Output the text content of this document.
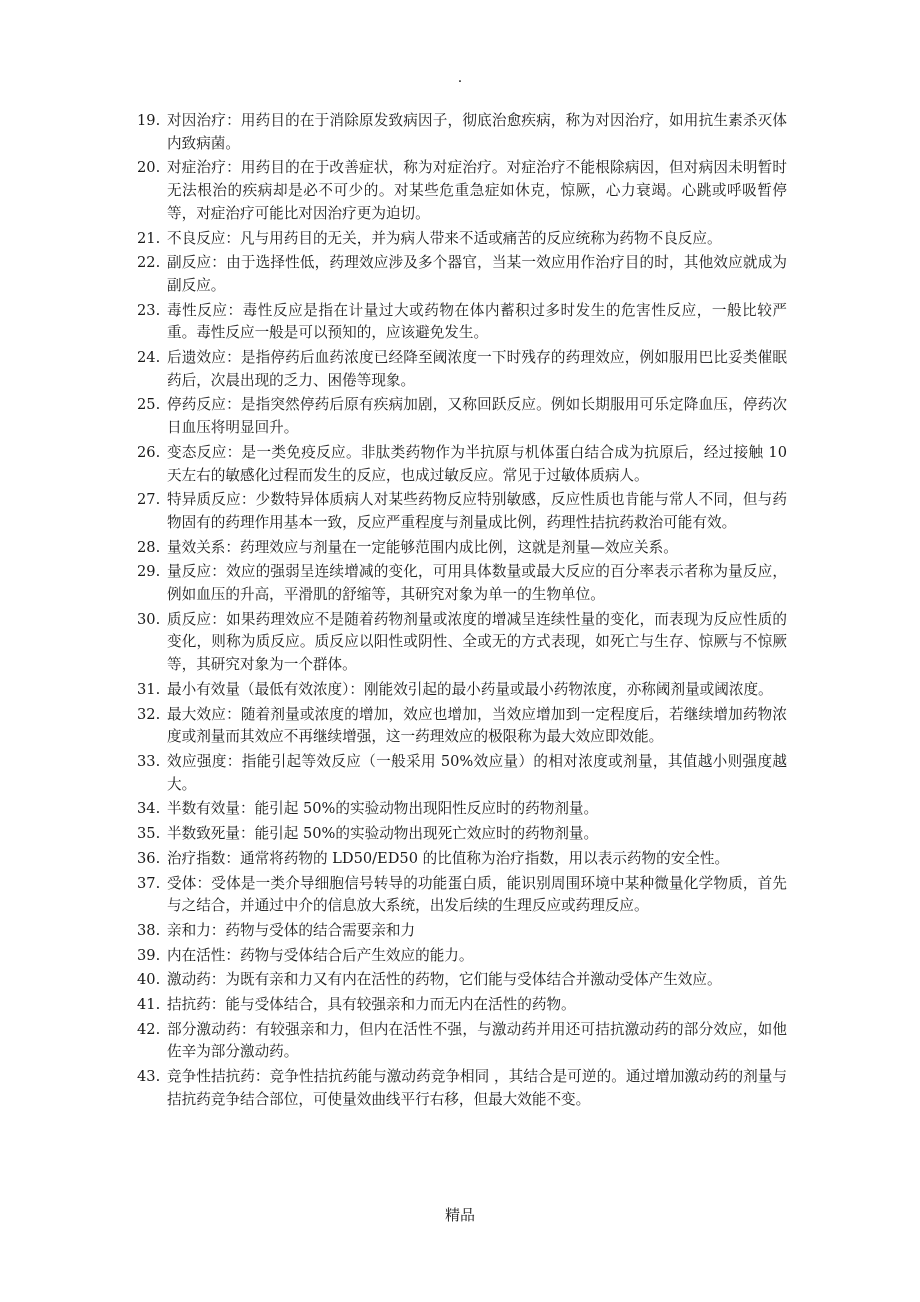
.
19. 对因治疗：用药目的在于消除原发致病因子，彻底治愈疾病，称为对因治疗，如用抗生素杀灭体内致病菌。
20. 对症治疗：用药目的在于改善症状，称为对症治疗。对症治疗不能根除病因，但对病因未明暂时无法根治的疾病却是必不可少的。对某些危重急症如休克，惊厥，心力衰竭。心跳或呼吸暂停等，对症治疗可能比对因治疗更为迫切。
21. 不良反应：凡与用药目的无关，并为病人带来不适或痛苦的反应统称为药物不良反应。
22. 副反应：由于选择性低，药理效应涉及多个器官，当某一效应用作治疗目的时，其他效应就成为副反应。
23. 毒性反应：毒性反应是指在计量过大或药物在体内蓄积过多时发生的危害性反应，一般比较严重。毒性反应一般是可以预知的，应该避免发生。
24. 后遗效应：是指停药后血药浓度已经降至阈浓度一下时残存的药理效应，例如服用巴比妥类催眠药后，次晨出现的乏力、困倦等现象。
25. 停药反应：是指突然停药后原有疾病加剧，又称回跃反应。例如长期服用可乐定降血压，停药次日血压将明显回升。
26. 变态反应：是一类免疫反应。非肽类药物作为半抗原与机体蛋白结合成为抗原后，经过接触 10 天左右的敏感化过程而发生的反应，也成过敏反应。常见于过敏体质病人。
27. 特异质反应：少数特异体质病人对某些药物反应特别敏感，反应性质也肯能与常人不同，但与药物固有的药理作用基本一致，反应严重程度与剂量成比例，药理性拮抗药救治可能有效。
28. 量效关系：药理效应与剂量在一定能够范围内成比例，这就是剂量—效应关系。
29. 量反应：效应的强弱呈连续增减的变化，可用具体数量或最大反应的百分率表示者称为量反应，例如血压的升高，平滑肌的舒缩等，其研究对象为单一的生物单位。
30. 质反应：如果药理效应不是随着药物剂量或浓度的增减呈连续性量的变化，而表现为反应性质的变化，则称为质反应。质反应以阳性或阴性、全或无的方式表现，如死亡与生存、惊厥与不惊厥等，其研究对象为一个群体。
31. 最小有效量（最低有效浓度）：刚能效引起的最小药量或最小药物浓度，亦称阈剂量或阈浓度。
32. 最大效应：随着剂量或浓度的增加，效应也增加，当效应增加到一定程度后，若继续增加药物浓度或剂量而其效应不再继续增强，这一药理效应的极限称为最大效应即效能。
33. 效应强度：指能引起等效反应（一般采用 50%效应量）的相对浓度或剂量，其值越小则强度越大。
34. 半数有效量：能引起 50%的实验动物出现阳性反应时的药物剂量。
35. 半数致死量：能引起 50%的实验动物出现死亡效应时的药物剂量。
36. 治疗指数：通常将药物的 LD50/ED50 的比值称为治疗指数，用以表示药物的安全性。
37. 受体：受体是一类介导细胞信号转导的功能蛋白质，能识别周围环境中某种微量化学物质，首先与之结合，并通过中介的信息放大系统，出发后续的生理反应或药理反应。
38. 亲和力：药物与受体的结合需要亲和力
39. 内在活性：药物与受体结合后产生效应的能力。
40. 激动药：为既有亲和力又有内在活性的药物，它们能与受体结合并激动受体产生效应。
41. 拮抗药：能与受体结合，具有较强亲和力而无内在活性的药物。
42. 部分激动药：有较强亲和力，但内在活性不强，与激动药并用还可拮抗激动药的部分效应，如他佐辛为部分激动药。
43. 竞争性拮抗药：竞争性拮抗药能与激动药竞争相同 ，其结合是可逆的。通过增加激动药的剂量与拮抗药竞争结合部位，可使量效曲线平行右移，但最大效能不变。
精品
